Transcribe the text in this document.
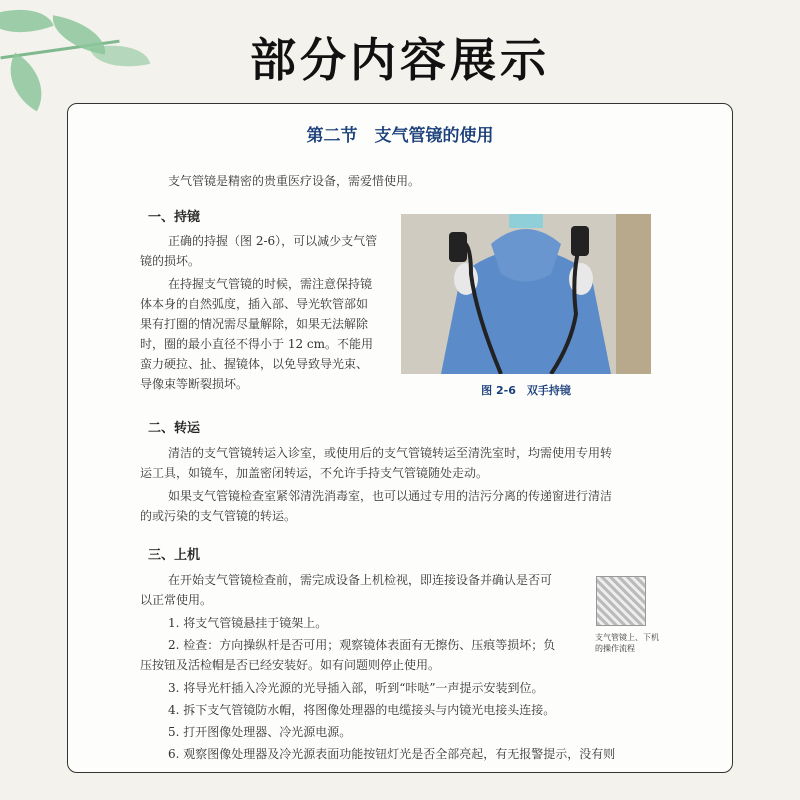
部分内容展示
第二节　支气管镜的使用
支气管镜是精密的贵重医疗设备，需爱惜使用。
一、持镜
正确的持握（图 2-6），可以减少支气管
镜的损坏。
在持握支气管镜的时候，需注意保持镜
体本身的自然弧度，插入部、导光软管部如
果有打圈的情况需尽量解除，如果无法解除
时，圈的最小直径不得小于 12 cm。不能用
蛮力硬拉、扯、握镜体，以免导致导光束、
导像束等断裂损坏。	图 2-6　双手持镜
二、转运
清洁的支气管镜转运入诊室，或使用后的支气管镜转运至清洗室时，均需使用专用转
运工具，如镜车，加盖密闭转运，不允许手持支气管镜随处走动。
如果支气管镜检查室紧邻清洗消毒室，也可以通过专用的洁污分离的传递窗进行清洁
的或污染的支气管镜的转运。
三、上机
在开始支气管镜检查前，需完成设备上机检视，即连接设备并确认是否可
以正常使用。
1. 将支气管镜悬挂于镜架上。
2. 检查：方向操纵杆是否可用；观察镜体表面有无擦伤、压痕等损坏；负
压按钮及活检帽是否已经安装好。如有问题则停止使用。
3. 将导光杆插入冷光源的光导插入部，听到“咔哒”一声提示安装到位。
4. 拆下支气管镜防水帽，将图像处理器的电缆接头与内镜光电接头连接。
5. 打开图像处理器、冷光源电源。
6. 观察图像处理器及冷光源表面功能按钮灯光是否全部亮起，有无报警提示，没有则
支气管镜上、下机的操作流程
